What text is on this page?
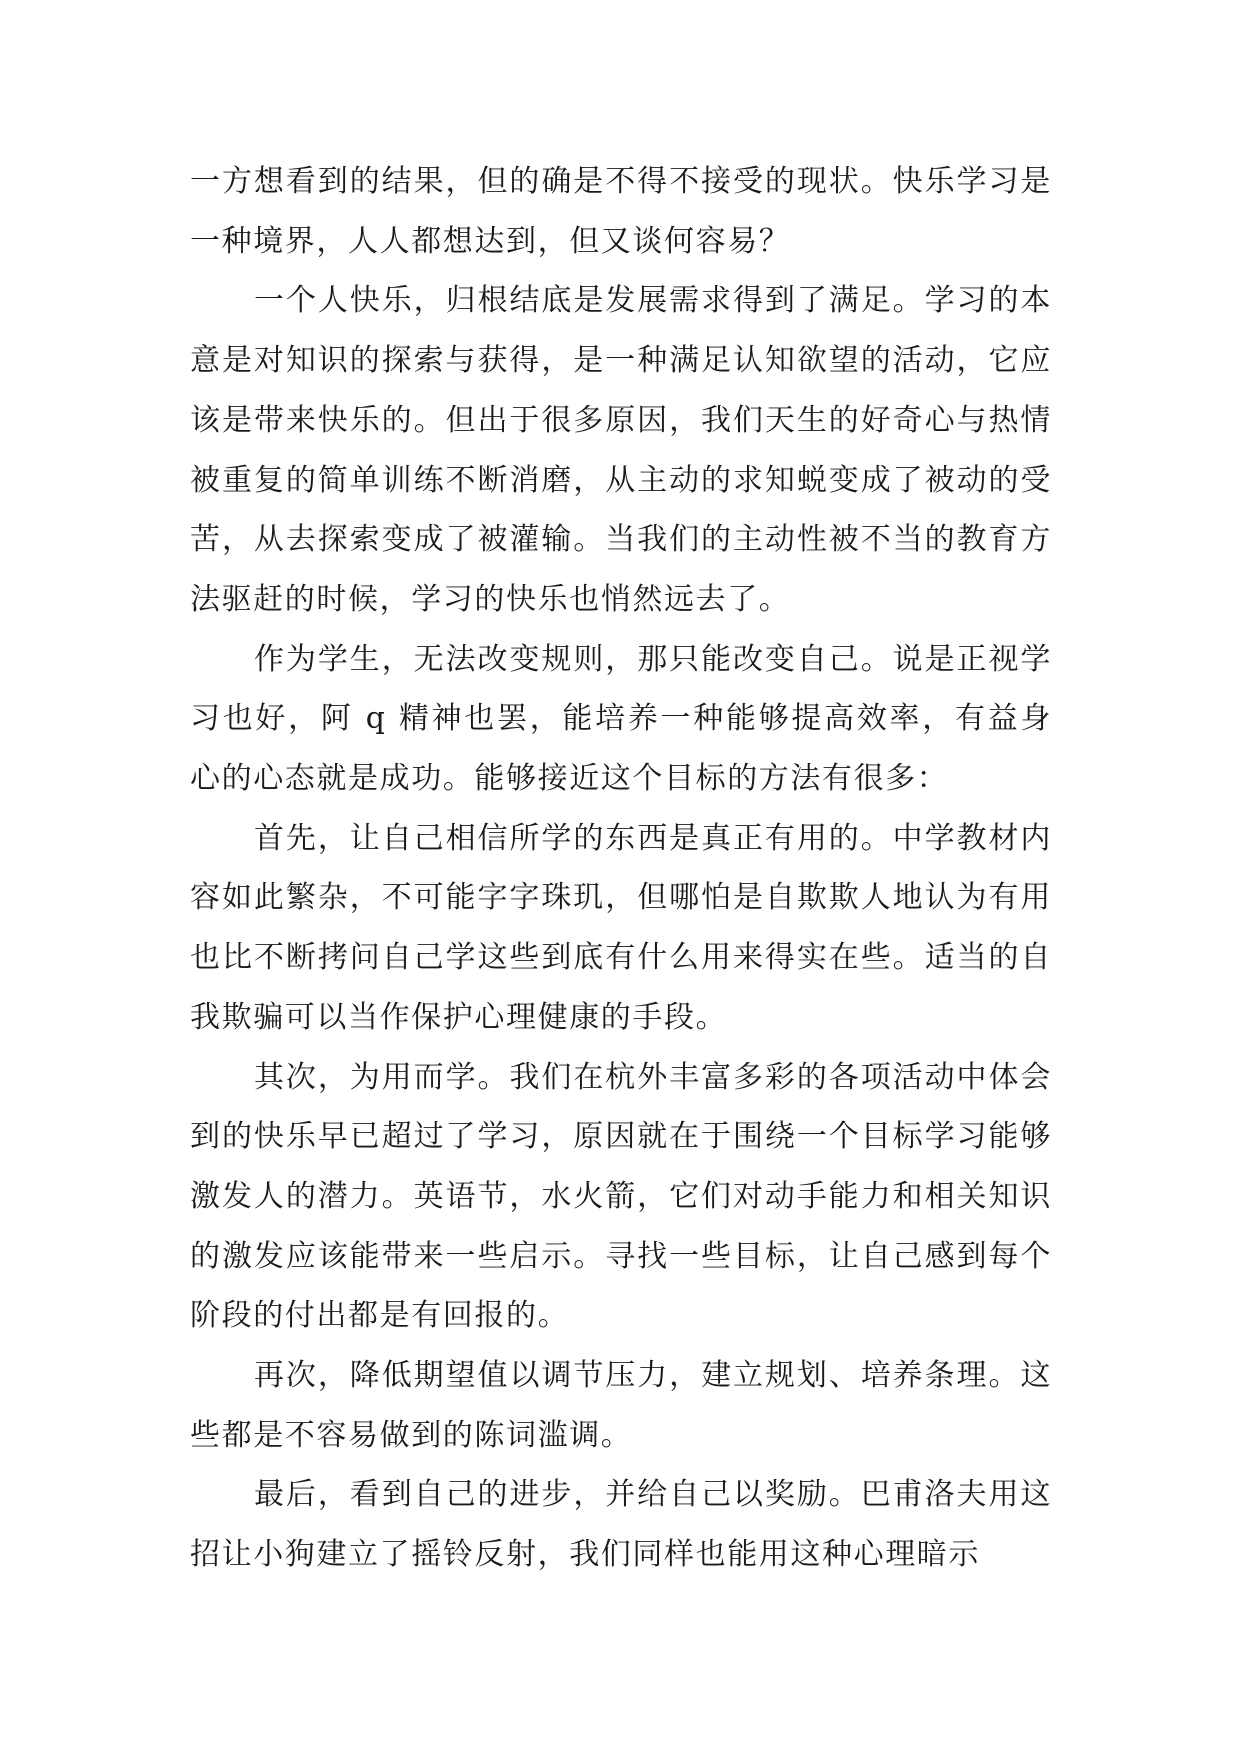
一方想看到的结果，但的确是不得不接受的现状。快乐学习是一种境界，人人都想达到，但又谈何容易？

一个人快乐，归根结底是发展需求得到了满足。学习的本意是对知识的探索与获得，是一种满足认知欲望的活动，它应该是带来快乐的。但出于很多原因，我们天生的好奇心与热情被重复的简单训练不断消磨，从主动的求知蜕变成了被动的受苦，从去探索变成了被灌输。当我们的主动性被不当的教育方法驱赶的时候，学习的快乐也悄然远去了。

作为学生，无法改变规则，那只能改变自己。说是正视学习也好，阿 q 精神也罢，能培养一种能够提高效率，有益身心的心态就是成功。能够接近这个目标的方法有很多：

首先，让自己相信所学的东西是真正有用的。中学教材内容如此繁杂，不可能字字珠玑，但哪怕是自欺欺人地认为有用也比不断拷问自己学这些到底有什么用来得实在些。适当的自我欺骗可以当作保护心理健康的手段。

其次，为用而学。我们在杭外丰富多彩的各项活动中体会到的快乐早已超过了学习，原因就在于围绕一个目标学习能够激发人的潜力。英语节，水火箭，它们对动手能力和相关知识的激发应该能带来一些启示。寻找一些目标，让自己感到每个阶段的付出都是有回报的。

再次，降低期望值以调节压力，建立规划、培养条理。这些都是不容易做到的陈词滥调。

最后，看到自己的进步，并给自己以奖励。巴甫洛夫用这招让小狗建立了摇铃反射，我们同样也能用这种心理暗示
